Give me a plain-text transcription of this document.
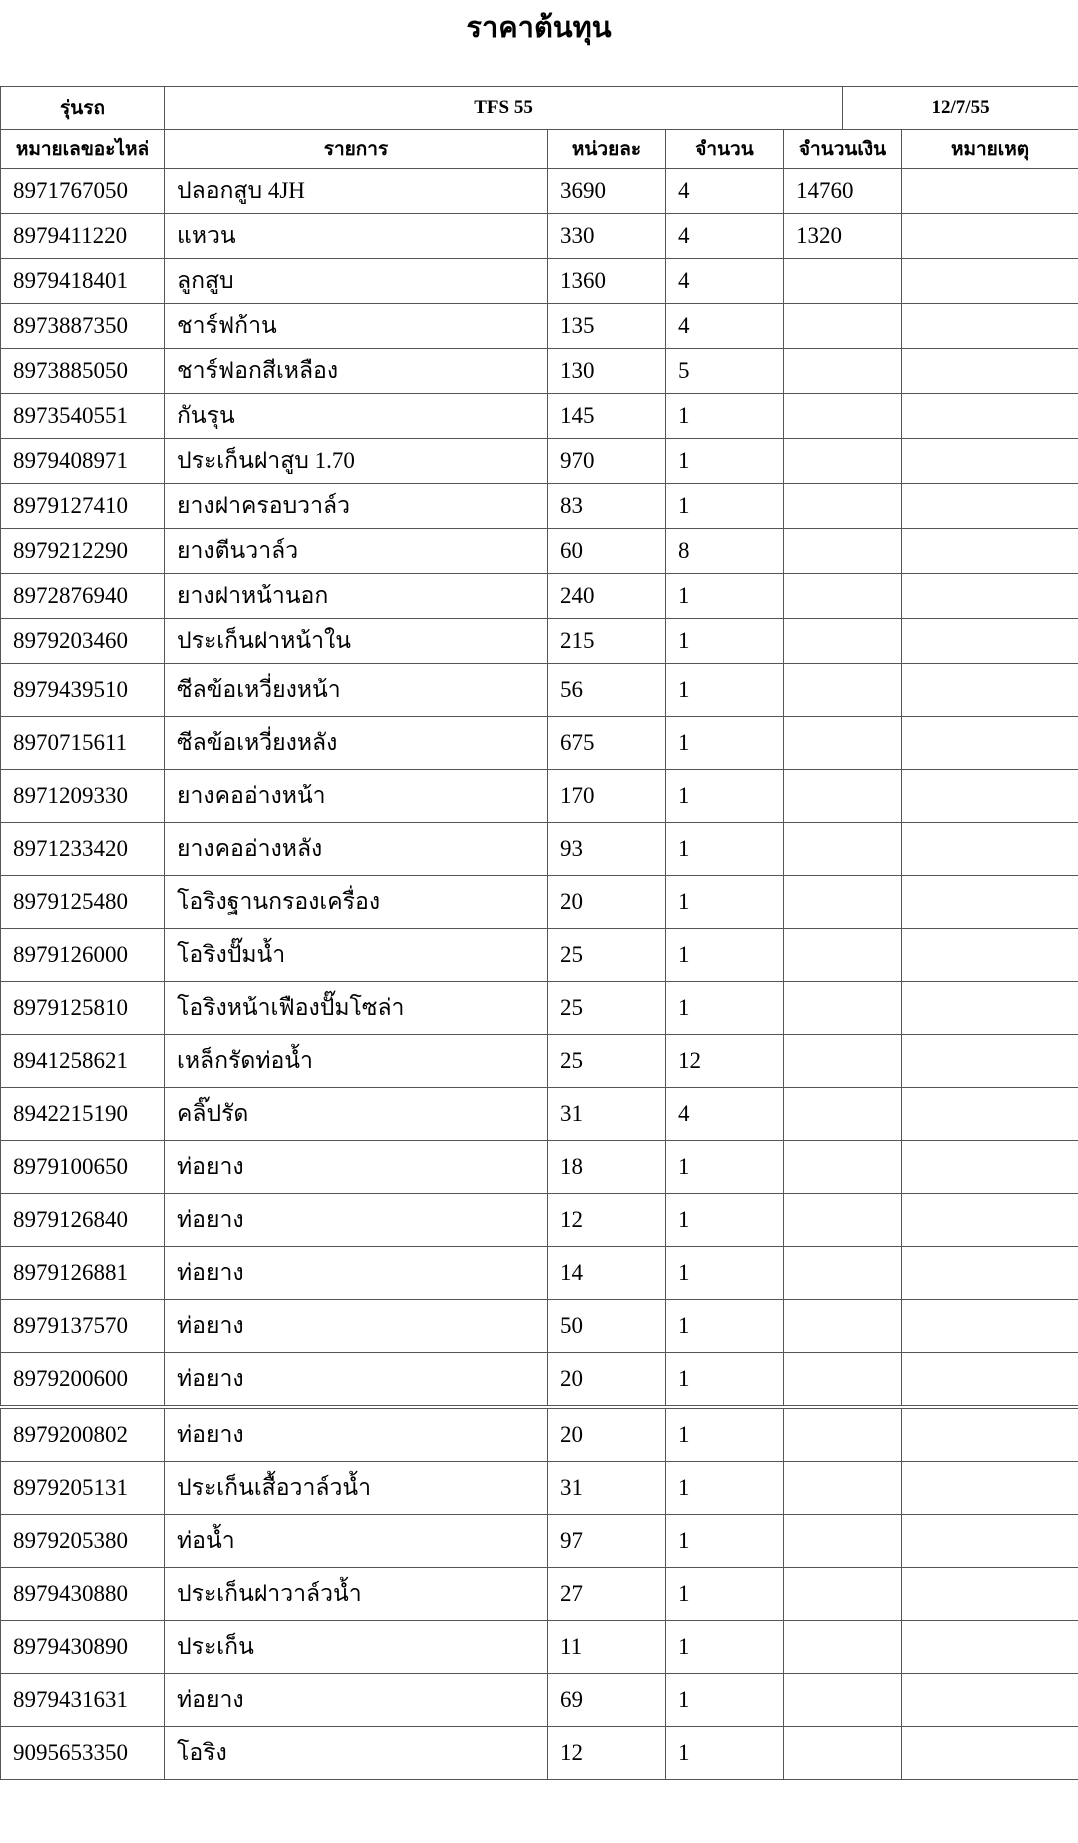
ราคาต้นทุน
รุ่นรถ	TFS 55				12/7/55	
หมายเลขอะไหล่	รายการ	หน่วยละ	จำนวน	จำนวนเงิน		หมายเหตุ
8971767050	ปลอกสูบ 4JH	3690	4	14760		
8979411220	แหวน	330	4	1320		
8979418401	ลูกสูบ	1360	4			
8973887350	ชาร์ฟก้าน	135	4			
8973885050	ชาร์ฟอกสีเหลือง	130	5			
8973540551	กันรุน	145	1			
8979408971	ประเก็นฝาสูบ 1.70	970	1			
8979127410	ยางฝาครอบวาล์ว	83	1			
8979212290	ยางตีนวาล์ว	60	8			
8972876940	ยางฝาหน้านอก	240	1			
8979203460	ประเก็นฝาหน้าใน	215	1			
8979439510	ซีลข้อเหวี่ยงหน้า	56	1			
8970715611	ซีลข้อเหวี่ยงหลัง	675	1			
8971209330	ยางคออ่างหน้า	170	1			
8971233420	ยางคออ่างหลัง	93	1			
8979125480	โอริงฐานกรองเครื่อง	20	1			
8979126000	โอริงปั๊มน้ำ	25	1			
8979125810	โอริงหน้าเฟืองปั๊มโซล่า	25	1			
8941258621	เหล็กรัดท่อน้ำ	25	12			
8942215190	คลิ๊ปรัด	31	4			
8979100650	ท่อยาง	18	1			
8979126840	ท่อยาง	12	1			
8979126881	ท่อยาง	14	1			
8979137570	ท่อยาง	50	1			
8979200600	ท่อยาง	20	1			
8979200802	ท่อยาง	20	1			
8979205131	ประเก็นเสื้อวาล์วน้ำ	31	1			
8979205380	ท่อน้ำ	97	1			
8979430880	ประเก็นฝาวาล์วน้ำ	27	1			
8979430890	ประเก็น	11	1			
8979431631	ท่อยาง	69	1			
9095653350	โอริง	12	1			
